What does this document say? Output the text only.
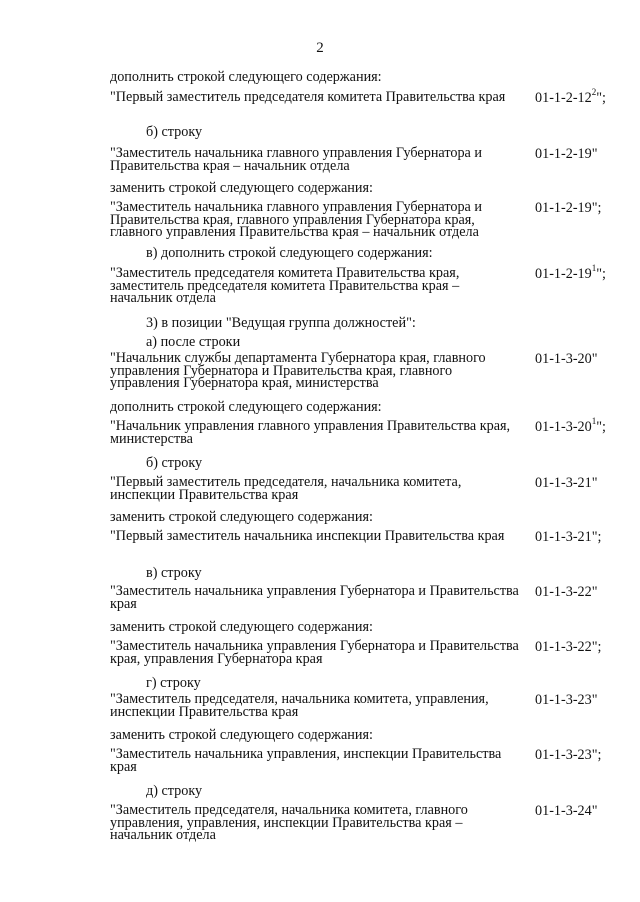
2
дополнить строкой следующего содержания:
"Первый заместитель председателя комитета Правительства края	$01-1-2-12^2$";
б) строку
"Заместитель начальника главного управления Губернатора и Правительства края – начальник отдела
01-1-2-19"
заменить строкой следующего содержания:
"Заместитель начальника главного управления Губернатора и Правительства края, главного управления Губернатора края, главного управления Правительства края – начальник отдела
01-1-2-19";
в) дополнить строкой следующего содержания:
"Заместитель председателя комитета Правительства края, заместитель председателя комитета Правительства края – начальник отдела
$01-1-2-19^1$";
3) в позиции "Ведущая группа должностей":
а) после строки
"Начальник службы департамента Губернатора края, главного управления Губернатора и Правительства края, главного управления Губернатора края, министерства
01-1-3-20"
дополнить строкой следующего содержания:
"Начальник управления главного управления Правительства края, министерства
$01-1-3-20^1$";
б) строку
"Первый заместитель председателя, начальника комитета, инспекции Правительства края
01-1-3-21"
заменить строкой следующего содержания:
"Первый заместитель начальника инспекции Правительства края	01-1-3-21";
в) строку
"Заместитель начальника управления Губернатора и Правительства края
01-1-3-22"
заменить строкой следующего содержания:
"Заместитель начальника управления Губернатора и Правительства края, управления Губернатора края
01-1-3-22";
г) строку
"Заместитель председателя, начальника комитета, управления, инспекции Правительства края
01-1-3-23"
заменить строкой следующего содержания:
"Заместитель начальника управления, инспекции Правительства края
01-1-3-23";
д) строку
"Заместитель председателя, начальника комитета, главного управления, управления, инспекции Правительства края – начальник отдела
01-1-3-24"
